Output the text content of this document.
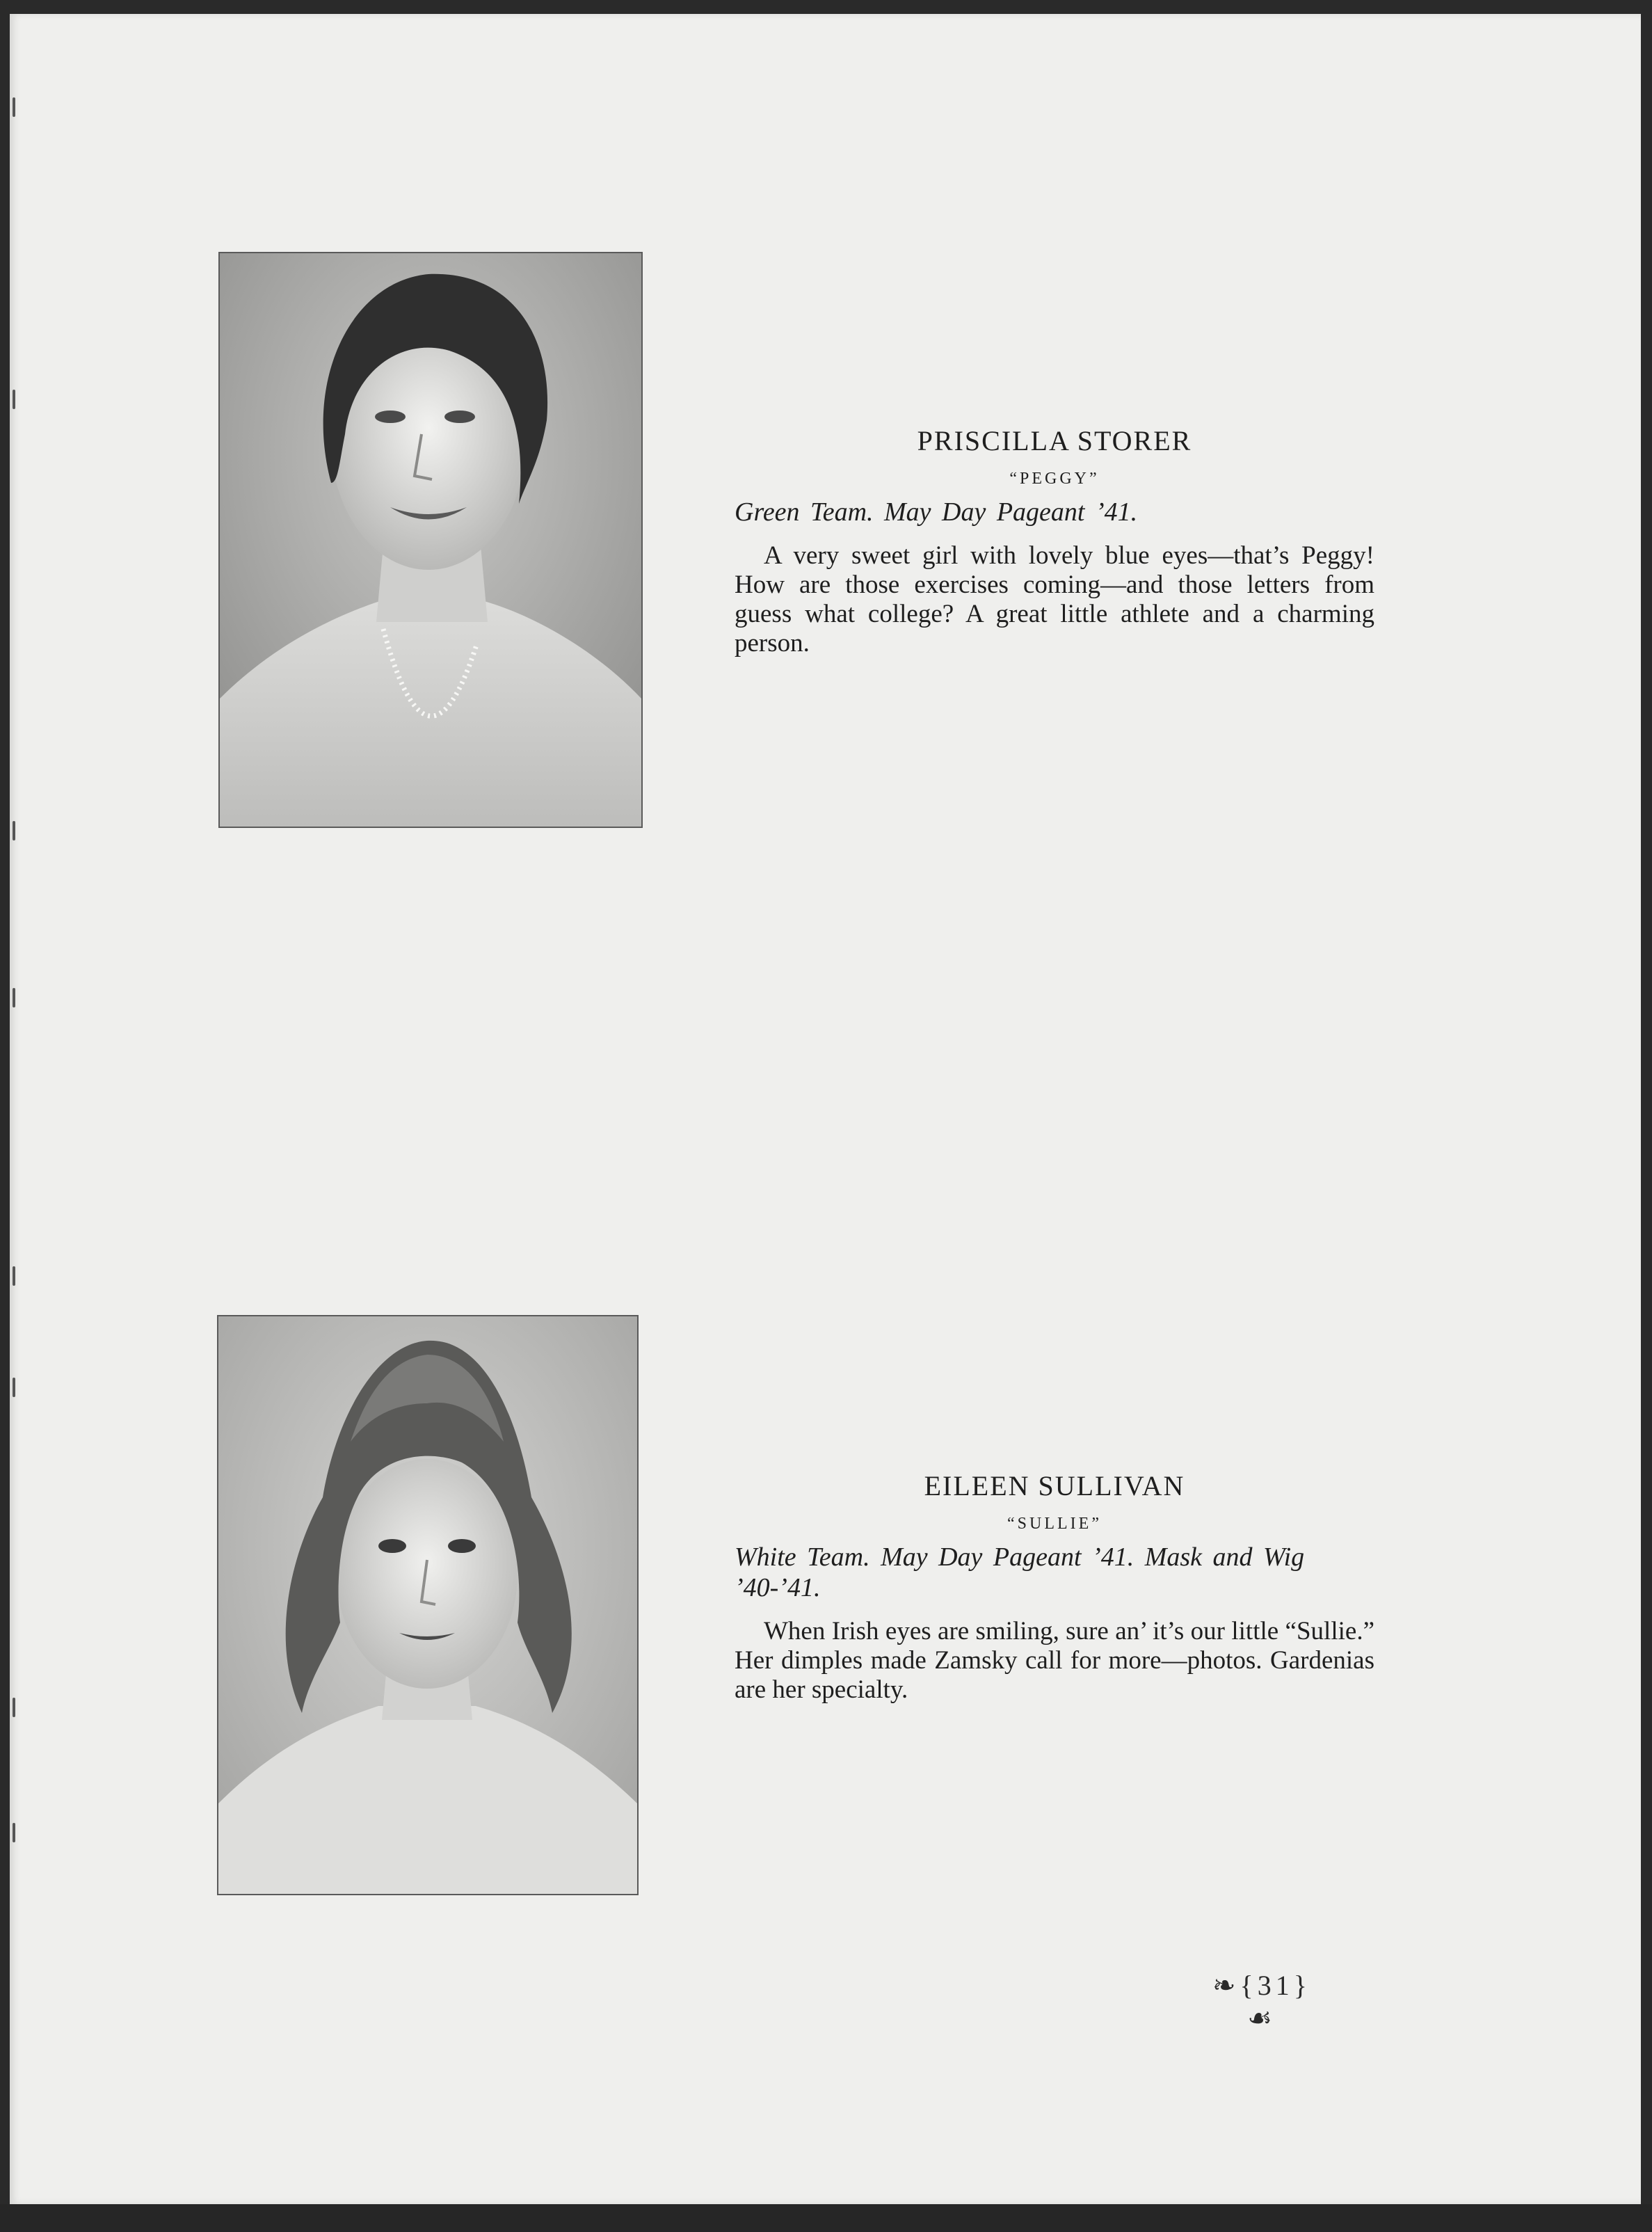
PRISCILLA STORER
“PEGGY”
Green Team. May Day Pageant ’41.
A very sweet girl with lovely blue eyes—that’s Peggy! How are those exercises coming—and those letters from guess what college? A great little athlete and a charming person.
EILEEN SULLIVAN
“SULLIE”
White Team. May Day Pageant ’41. Mask and Wig ’40-’41.
When Irish eyes are smiling, sure an’ it’s our little “Sullie.” Her dimples made Zamsky call for more—photos. Gardenias are her specialty.
❧{31}☙
